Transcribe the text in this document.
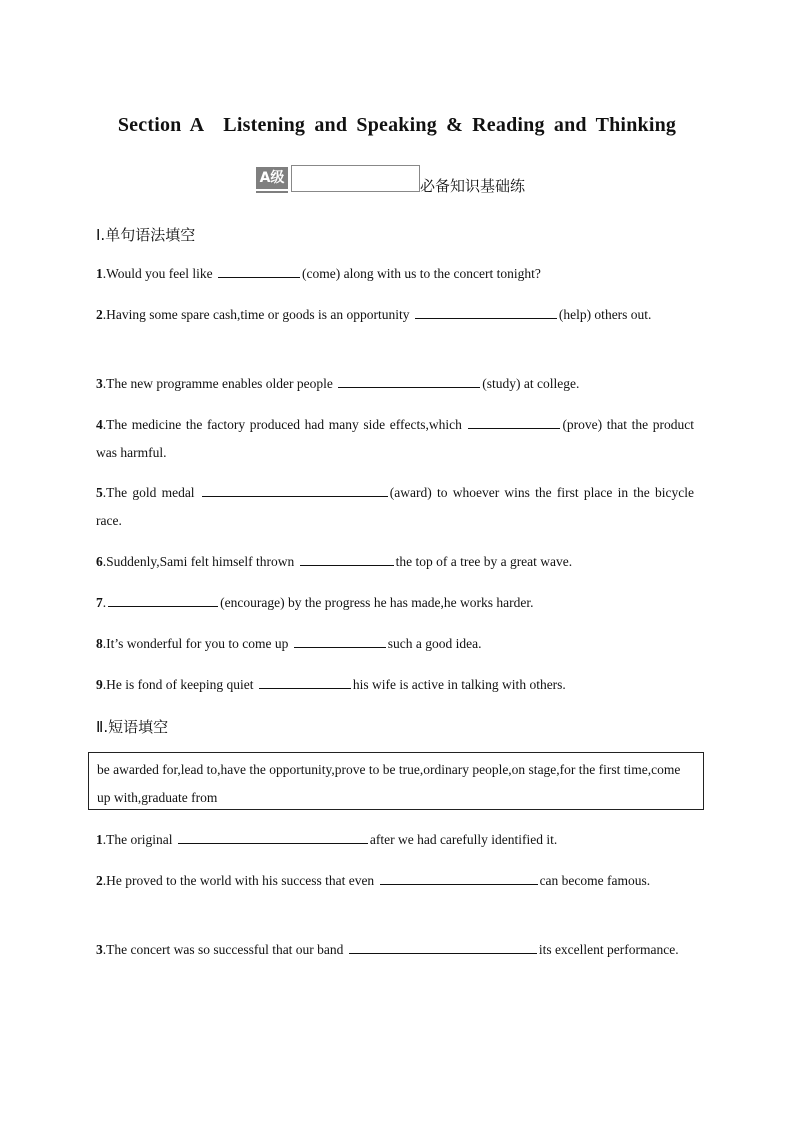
Section A　Listening and Speaking & Reading and Thinking
A级	必备知识基础练
Ⅰ.单句语法填空
1.Would you feel like	(come) along with us to the concert tonight?
2.Having some spare cash,time or goods is an opportunity	(help) others out.
3.The new programme enables older people	(study) at college.
4.The medicine the factory produced had many side effects,which	(prove) that the product was harmful.
5.The gold medal	(award) to whoever wins the first place in the bicycle race.
6.Suddenly,Sami felt himself thrown	the top of a tree by a great wave.
7.	(encourage) by the progress he has made,he works harder.
8.It’s wonderful for you to come up	such a good idea.
9.He is fond of keeping quiet	his wife is active in talking with others.
Ⅱ.短语填空
be awarded for,lead to,have the opportunity,prove to be true,ordinary people,on stage,for the first time,come up with,graduate from
1.The original	after we had carefully identified it.
2.He proved to the world with his success that even	can become famous.
3.The concert was so successful that our band	its excellent performance.
